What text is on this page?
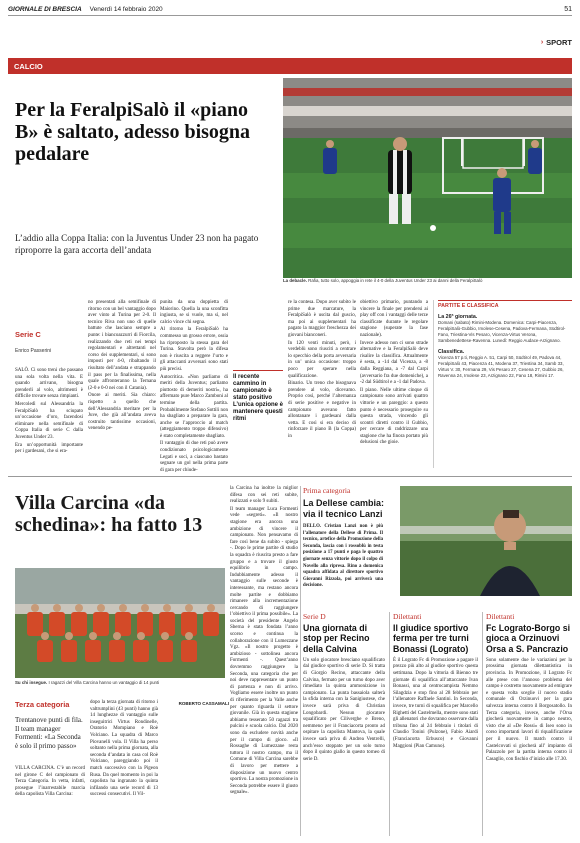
GIORNALE DI BRESCIA Venerdì 14 febbraio 2020	51
› SPORT
CALCIO
Per la FeralpiSalò il «piano B» è saltato, adesso bisogna pedalare
L’addio alla Coppa Italia: con la Juventus Under 23 non ha pagato riproporre la gara accorta dell’andata
La debacle. Rafia, tutto solo, appoggia in rete il 4-0 della Juventus Under 23 ai danni della FeralpiSalò
Serie C
Enrico Passerini

SALÒ. Ci sono treni che passano una sola volta nella vita. E quando arrivano, bisogna prenderli al volo, altrimenti è difficile trovare senza rimpianti.

Mercoledì sul Alessandria la FeralpiSalò ha sciupato un’occasione d’oro, facendosi eliminare nella semifinale di Coppa Italia di serie C dalla Juventus Under 23.

Era un’opportunità importante per i gardesani, che si era-

no presentati alla semifinale di ritorno con un bel vantaggio dopo aver vinto al Turina per 2-0. Il tecnico Riva non uno di quelle battute che lasciano sempre a punte: i biancoazzurri di Fiorcila, realizzando due reti nei tempi regolamentari e altrettanti nel corso dei supplementari, si sono imposti per 4-0, ribaltando il risultato dell’andata e strappando il pass per la finalissima, nella quale affronteranno la Ternana (2-0 e 0-0 nei con il Catania).

Onore ai meriti. Sia chiaro: rispetto a quello che dell’Alessandria meritare per la Juve, che già all’andata aveva costruito tantissime occasioni, venendo pe-

punita da una doppietta di Maiorino. Quella la una sconfitta ingiusta, se si vuole, ma sì, nel calcio vince chi segna.

Al ritorno la FeralpiSalò ha commesso un grosso errore, ossia ha riproposto la stessa gara del Turina. Stavolta però la difesa non è riuscita a reggere l’urto e gli attaccanti avversari sono stati più precisi.

Autocritica. «Non parliamo di meriti della Juventus; parliamo piuttosto di demeriti nostri», ha affermato pure Marco Zamboni al termine della partita. Probabilmente Stefano Sottili non ha sbagliato a preparare la gara, anche se l’approccio al match (atteggiamento troppo difensivo) è stato completamente sbagliato.

Il vantaggio di due reti può avere condizionato psicologicamente Legati e soci, a ciascuno bastato segnare un gol nella prima parte di gara per chiude-

Il recente cammino in campionato è stato positivo L’unica opzione è mantenere questi ritmi

re la contesa. Dopo aver subito le prime due marcature, la FeralpiSalò è uscita dal guscio, ma poi ai supplementari ha pagato la maggior freschezza dei giovani bianconeri.

In 120 venti minuti, però, i verdeblù sono riusciti a centrare lo specchio della porta avversaria in un’ unica occasione: troppo poco per sperare nella qualificazione.

Binario. Un treno che bisognava prendere al volo, dicevamo. Proprio così, perché l’alternanza di serie positive e negative in campionato avevano fatto allontanare i gardesani dalla vetta. E così si era deciso di rinforzare il piano B (la Coppa) in

obiettivo primario, puntando a vincere la finale per prendersi ai play off con i vantaggi delle terze classificate durante le regolare stagione (superate la fase nazionale).

Invece adesso non ci sono strade alternative e la FeralpiSalò deve risalire la classifica. Attualmente è sesta, a -14 dal Vicenza, a -8 dalla Reggiana, a -7 dal Carpi (avversario fra due domeniche), a -2 dal Südtirol e a -1 dal Padova.

Il piano. Nelle ultime cinque di campionato sono arrivati quattro vittorie e un pareggio: a questo punto è necessario proseguire su questa strada, vincendo gli scontri diretti contro il Gubbio, per cercare di raddrizzare una stagione che ha finora portato più delusioni che gioie.

PARTITE E CLASSIFICA
La 26ª giornata.
Domani (sabato) Rimini-Modena. Domenica: Carpi-Piacenza, FeralpiSalò-Gubbio, Imolese-Cesena, Padova-Fermana, Südtirol-Fano, Triestina-Vis Pesaro, Vicenza-Virtus Verona, Sambenedettese-Ravenna. Lunedì: Reggio Audace-Arzignano.
Classifica.
Vicenza 57 p.ti, Reggio A. 51, Carpi 50, Südtirol 49, Padova 44, FeralpiSalò 43, Piacenza 41, Modena 37, Triestina 34, Samb 33, Virtus V. 30, Fermana 29, Vis Pesaro 27, Cesena 27, Gubbio 26, Ravenna 24, Imolese 23, Arzignano 22, Fano 18, Rimini 17.
Villa Carcina «da schedina»: ha fatto 13

la Carcina ha inoltre la miglior difesa con sei reti subite, realizzati e solo 9 subiti.

Il team manager Luca Formenti vede «segreti». «Il nostro stagione era ancora una ambizione di vincere il campionato. Non pensavamo di fare così bene da subito - spiega -. Dopo le prime partite di studio la squadra è riuscita presto a fare gruppo e a trovare il giusto equilibrio in campo. Indubbiamente adesso il vantaggio sulle seconde è interessante, ma restano ancora molte partite e dobbiamo rimanere alla incrementazione cercando di raggiungere l’obiettivo il prima possibile». La società del presidente Angelo Sberna è stata fondata l’anno scorso e continua la collaborazione con il Lumezzane Vgz. «Il nostro progetto è ambizioso - sottolinea ancora Formenti -. Quest’anno dovremmo raggiungere la Seconda, una categoria che per noi deve rappresentare un punto di partenza e non di arrivo. Vogliamo essere inoltre un punto di riferimento per la Valle anche per quanto riguarda il settore giovanile. Già in questa stagione abbiamo tesserato 50 ragazzi tra pulcini e scuola calcio. Dal 2020 sono da escludere novità anche per il campo di gioco. «Il Rossaghe di Lumezzane resta tuttora il nostro campo, ma il Comune di Villa Carcina sarebbe di lavoro per mettere a disposizione un nuovo centro sportivo. La nostra promozione in Seconda potrebbe essere il giusto segnale».

Su chi insegue. I ragazzi del Villa Carcina hanno un vantaggio di 14 punti
Terza categoria
Trentanove punti di fila. Il team manager Formenti: «La Seconda è solo il primo passo»

VILLA CARCINA. C’è un record nel girone C del campionato di Terza Categoria. In vetta, infatti, prosegue l’inarrestabile marcia della capolista Villa Carcina:

dopo la terza giornata di ritorno i valtrumplini (43 punti) hanno già 14 lunghezze di vantaggio sulle inseguitrici Virtus Rondinelle, Oratorio Mompiano e Roè Volciano. La squadra di Marco Piovanelli vola. Il Villa ha perso soltanto nella prima giornata, alla seconda d’andata in casa col Roè Volciano, pareggiando poi il match successivo con la Pigeon Rusa. Da quel momento in poi la capolista ha ingranato la quinta infilando una serie record di 13 successi consecutivi. Il Vil-

ROBERTO CASSAMALI
Prima categoria
La Dellese cambia: via il tecnico Lanzi
DELLO. Cristian Lanzi non è più l’allenatore della Dellese di Prima. Il tecnico, artefice della Promozione della Seconda, lascia con i rossoblù in testa posizione a 17 punti e paga le quattro giornate senza vittorie dopo il colpo di Novello alla ripresa. Rino a domenica squadra affidata al direttore sportivo Giovanni Rizzola, poi arriverà una decisione.
Serie D
Una giornata di stop per Recino della Calvina
Un solo giocatore bresciano squalificato dal giudice sportivo di serie D. Si tratta di Giorgio Recino, attaccante della Calvina, fermato per un turno dopo aver rimediato la quinta ammonizione in campionato. La punta bassaiola salterà la sfida interna con la Sanigiustese, che invece sarà priva di Christian Longobardi. Nessun giocatore squalificato per Ciliverghe e Breno, nemmeno per il Franciacorta pronto ad ospitare la capolista Mantova, la quale invece sarà priva di Andrea Ventrelli, anch’esso stoppato per un solo turno dopo il quinto giallo in questo torneo di serie D.
Dilettanti
Il giudice sportivo ferma per tre turni Bonassi (Lograto)
È il Lograto Fc di Promozione a pagare il prezzo più alto al giudice sportivo questa settimana. Dopo la vittoria di Bienno tre giornate di squalifica all’attaccante Ivan Bonassi, una al centrocampista Nemmo Silagdzia e stop fino al 28 febbraio per l’allenatore Raffaele Santini. In Seconda, invece, tre turni di squalifica per Marcello Righetti del Castelmella, mentre sono stati gli allenatori che dovranno osservare dalla tribuna fino al 24 febbraio i titolari di Claudio Tonini (Pulzone), Fabio Aiardi (Franciacorta Erbusco) e Giovanni Maggioni (Pian Camuno).
Dilettanti
Fc Lograto-Borgo si gioca a Orzinuovi Orsa a S. Pancrazio
Sono solamente due le variazioni per la prossima giornata dilettantistica in provincia. In Promozione, il Lograto Fc alle prese con l’annoso problema del campo è costretto nuovamente ad emigrare e questa volta sceglie il nuovo stadio comunale di Orzinuovi per la gara salvezza interna contro il Borgosatollo. In Terza categoria, invece, anche l’Orsa giocherà nuovamente in campo neutro, visto che al «De Rossi» di Iseo sono in corso importanti lavori di riqualificazione per il nuovo. Il match contro il Castelcovati si giocherà all’ impianto di Palazzolo per la partita interna contro il Casaglio, con fischio d’inizio alle 17.30.
